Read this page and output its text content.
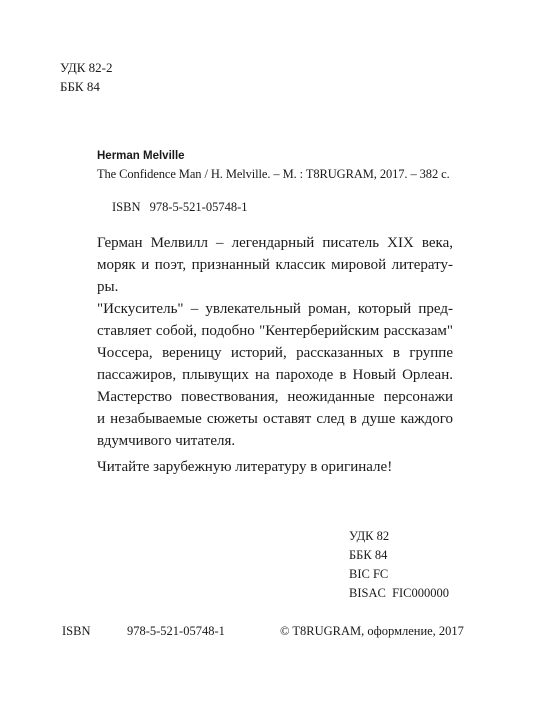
УДК 82-2
ББК 84
Herman Melville
The Confidence Man / H. Melville. – M. : T8RUGRAM, 2017. – 382 с.
ISBN 978-5-521-05748-1
Герман Мелвилл – легендарный писатель XIX века,
моряк и поэт, признанный классик мировой литерату-
ры.
"Искуситель" – увлекательный роман, который пред-
ставляет собой, подобно "Кентерберийским рассказам"
Чоссера, вереницу историй, рассказанных в группе
пассажиров, плывущих на пароходе в Новый Орлеан.
Мастерство повествования, неожиданные персонажи
и незабываемые сюжеты оставят след в душе каждого
вдумчивого читателя.
Читайте зарубежную литературу в оригинале!
УДК 82
ББК 84
BIC FC
BISAC  FIC000000
ISBN    978-5-521-05748-1	© T8RUGRAM, оформление, 2017
